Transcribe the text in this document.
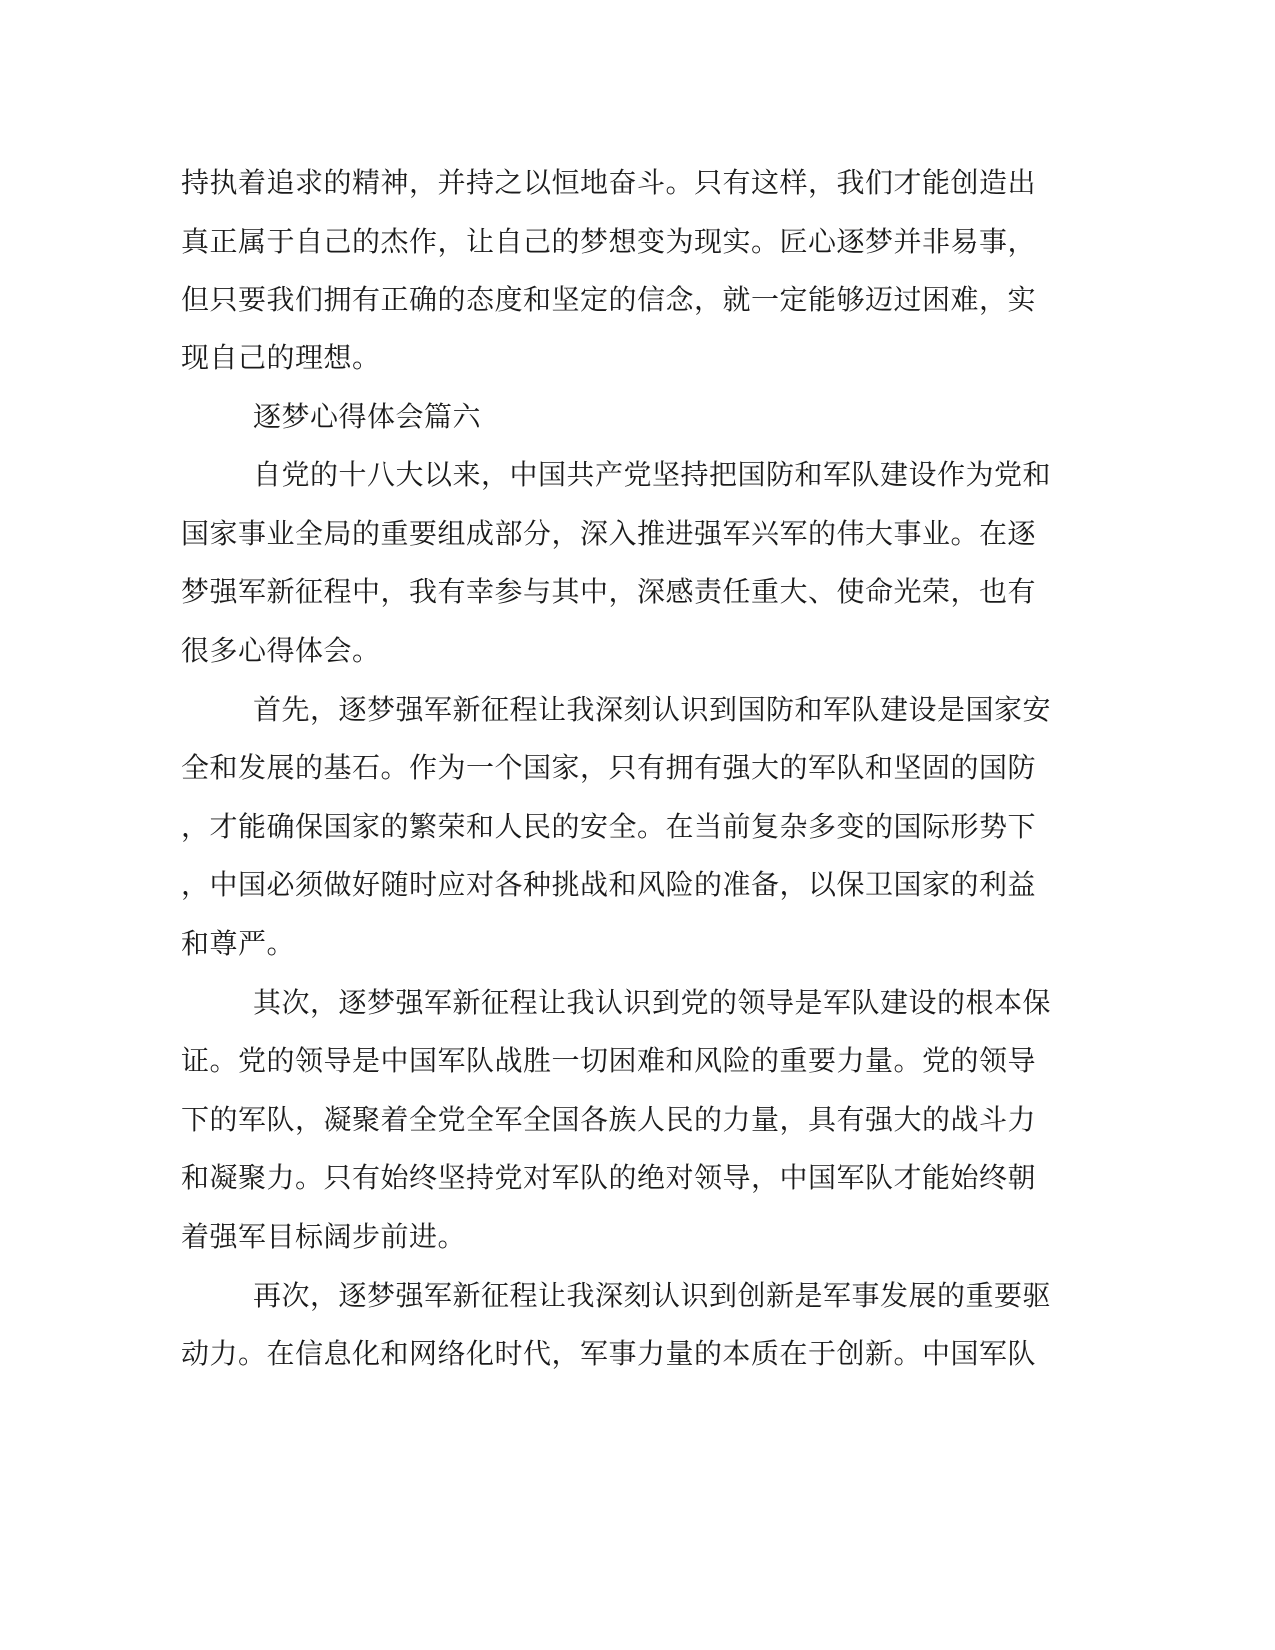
持执着追求的精神，并持之以恒地奋斗。只有这样，我们才能创造出
真正属于自己的杰作，让自己的梦想变为现实。匠心逐梦并非易事，
但只要我们拥有正确的态度和坚定的信念，就一定能够迈过困难，实
现自己的理想。
逐梦心得体会篇六
自党的十八大以来，中国共产党坚持把国防和军队建设作为党和
国家事业全局的重要组成部分，深入推进强军兴军的伟大事业。在逐
梦强军新征程中，我有幸参与其中，深感责任重大、使命光荣，也有
很多心得体会。
首先，逐梦强军新征程让我深刻认识到国防和军队建设是国家安
全和发展的基石。作为一个国家，只有拥有强大的军队和坚固的国防
，才能确保国家的繁荣和人民的安全。在当前复杂多变的国际形势下
，中国必须做好随时应对各种挑战和风险的准备，以保卫国家的利益
和尊严。
其次，逐梦强军新征程让我认识到党的领导是军队建设的根本保
证。党的领导是中国军队战胜一切困难和风险的重要力量。党的领导
下的军队，凝聚着全党全军全国各族人民的力量，具有强大的战斗力
和凝聚力。只有始终坚持党对军队的绝对领导，中国军队才能始终朝
着强军目标阔步前进。
再次，逐梦强军新征程让我深刻认识到创新是军事发展的重要驱
动力。在信息化和网络化时代，军事力量的本质在于创新。中国军队
